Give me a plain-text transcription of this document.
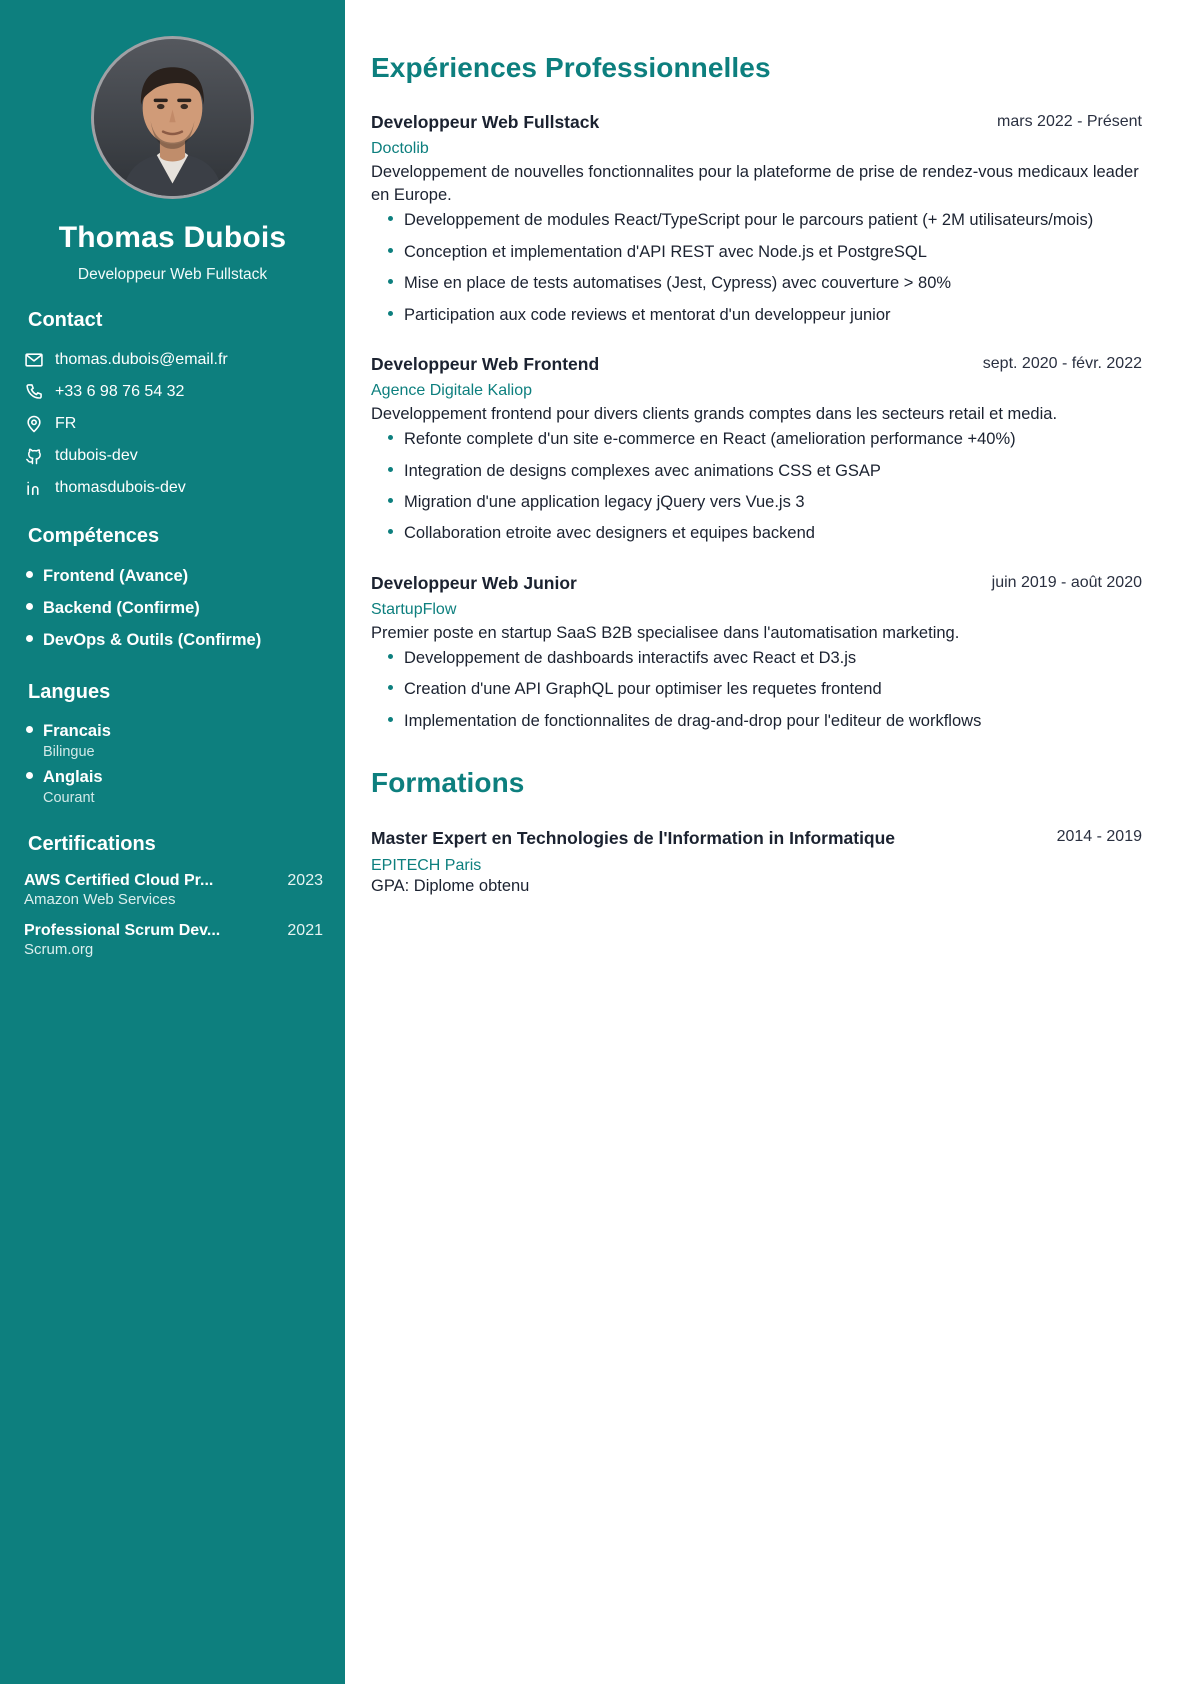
Thomas Dubois
Developpeur Web Fullstack
Contact
thomas.dubois@email.fr
+33 6 98 76 54 32
FR
tdubois-dev
thomasdubois-dev
Compétences
Frontend (Avance)
Backend (Confirme)
DevOps & Outils (Confirme)
Langues
Francais
Bilingue
Anglais
Courant
Certifications
AWS Certified Cloud Pr...	2023
Amazon Web Services
Professional Scrum Dev...	2021
Scrum.org
Expériences Professionnelles
Developpeur Web Fullstack	mars 2022 - Présent
Doctolib
Developpement de nouvelles fonctionnalites pour la plateforme de prise de rendez-vous medicaux leader en Europe.
Developpement de modules React/TypeScript pour le parcours patient (+ 2M utilisateurs/mois)
Conception et implementation d'API REST avec Node.js et PostgreSQL
Mise en place de tests automatises (Jest, Cypress) avec couverture > 80%
Participation aux code reviews et mentorat d'un developpeur junior
Developpeur Web Frontend	sept. 2020 - févr. 2022
Agence Digitale Kaliop
Developpement frontend pour divers clients grands comptes dans les secteurs retail et media.
Refonte complete d'un site e-commerce en React (amelioration performance +40%)
Integration de designs complexes avec animations CSS et GSAP
Migration d'une application legacy jQuery vers Vue.js 3
Collaboration etroite avec designers et equipes backend
Developpeur Web Junior	juin 2019 - août 2020
StartupFlow
Premier poste en startup SaaS B2B specialisee dans l'automatisation marketing.
Developpement de dashboards interactifs avec React et D3.js
Creation d'une API GraphQL pour optimiser les requetes frontend
Implementation de fonctionnalites de drag-and-drop pour l'editeur de workflows
Formations
Master Expert en Technologies de l'Information in Informatique	2014 - 2019
EPITECH Paris
GPA: Diplome obtenu
